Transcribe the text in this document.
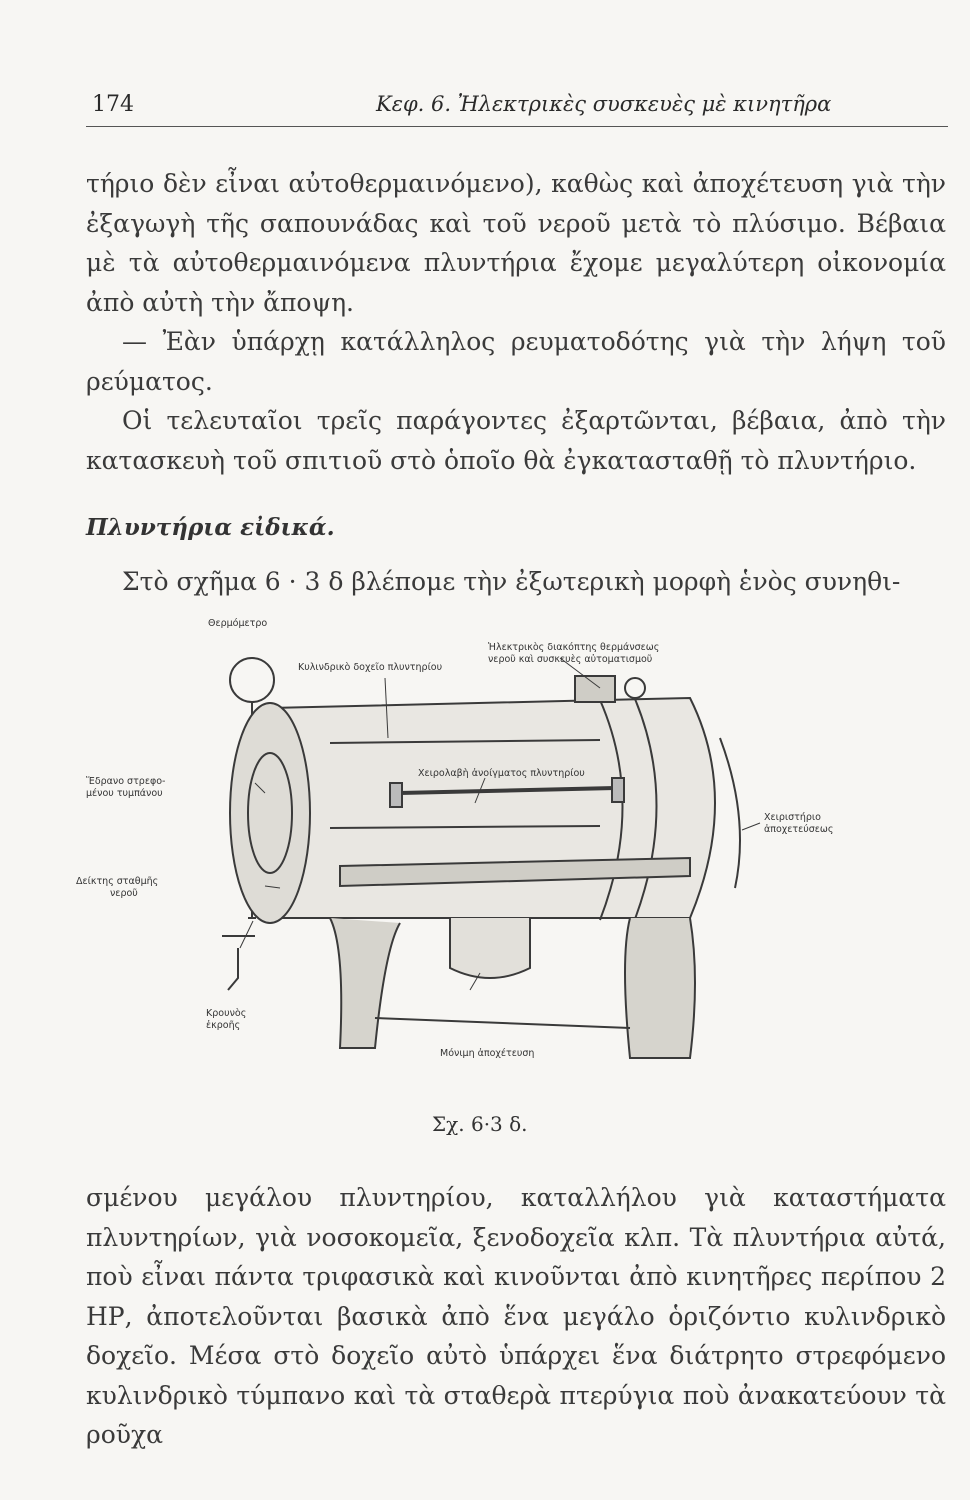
174	Κεφ. 6. Ἠλεκτρικὲς συσκευὲς μὲ κινητῆρα

τήριο δὲν εἶναι αὐτοθερμαινόμενο), καθὼς καὶ ἀποχέτευση γιὰ τὴν ἐξαγωγὴ τῆς σαπουνάδας καὶ τοῦ νεροῦ μετὰ τὸ πλύσιμο. Βέβαια μὲ τὰ αὐτοθερμαινόμενα πλυντήρια ἔχομε μεγαλύτερη οἰκονομία ἀπὸ αὐτὴ τὴν ἄποψη.

— Ἐὰν ὑπάρχῃ κατάλληλος ρευματοδότης γιὰ τὴν λήψη τοῦ ρεύματος.

Οἱ τελευταῖοι τρεῖς παράγοντες ἐξαρτῶνται, βέβαια, ἀπὸ τὴν κατασκευὴ τοῦ σπιτιοῦ στὸ ὁποῖο θὰ ἐγκατασταθῇ τὸ πλυντήριο.

Πλυντήρια εἰδικά.

Στὸ σχῆμα 6 · 3 δ βλέπομε τὴν ἐξωτερικὴ μορφὴ ἑνὸς συνηθι-

Θερμόμετρο
Κυλινδρικὸ δοχεῖο πλυντηρίου
Ἠλεκτρικὸς διακόπτης θερμάνσεως
νεροῦ καὶ συσκευὲς αὐτοματισμοῦ
Χειρολαβὴ ἀνοίγματος πλυντηρίου
Ἕδρανο στρεφο-
μένου τυμπάνου
Χειριστήριο
ἀποχετεύσεως
Δείκτης σταθμῆς
νεροῦ
Κρουνὸς
ἐκροῆς
Μόνιμη ἀποχέτευση
Σχ. 6·3 δ.

σμένου μεγάλου πλυντηρίου, καταλλήλου γιὰ καταστήματα πλυντηρίων, γιὰ νοσοκομεῖα, ξενοδοχεῖα κλπ. Τὰ πλυντήρια αὐτά, ποὺ εἶναι πάντα τριφασικὰ καὶ κινοῦνται ἀπὸ κινητῆρες περίπου 2 ΗΡ, ἀποτελοῦνται βασικὰ ἀπὸ ἕνα μεγάλο ὁριζόντιο κυλινδρικὸ δοχεῖο. Μέσα στὸ δοχεῖο αὐτὸ ὑπάρχει ἕνα διάτρητο στρεφόμενο κυλινδρικὸ τύμπανο καὶ τὰ σταθερὰ πτερύγια ποὺ ἀνακατεύουν τὰ ροῦχα
